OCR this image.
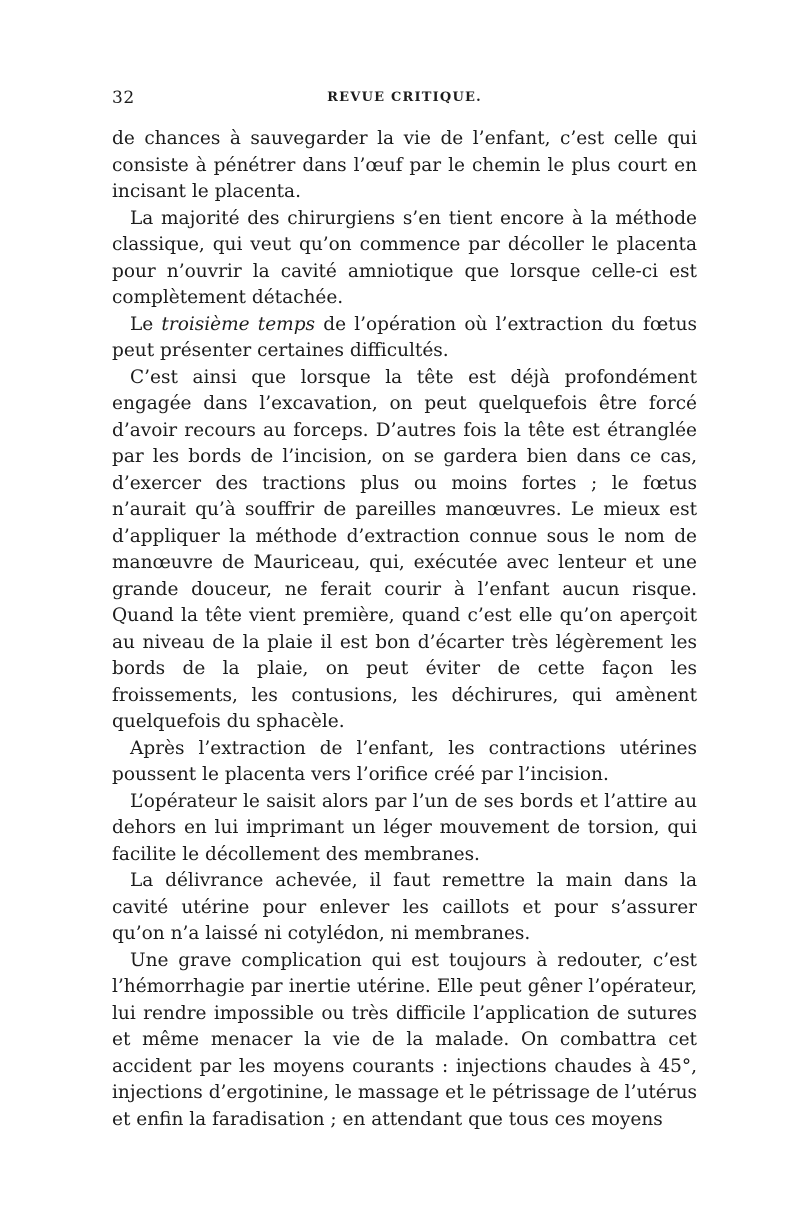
32	REVUE CRITIQUE.

de chances à sauvegarder la vie de l’enfant, c’est celle qui consiste à pénétrer dans l’œuf par le chemin le plus court en incisant le placenta.

La majorité des chirurgiens s’en tient encore à la méthode classique, qui veut qu’on commence par décoller le placenta pour n’ouvrir la cavité amniotique que lorsque celle-ci est complètement détachée.

Le troisième temps de l’opération où l’extraction du fœtus peut présenter certaines difficultés.

C’est ainsi que lorsque la tête est déjà profondément engagée dans l’excavation, on peut quelquefois être forcé d’avoir recours au forceps. D’autres fois la tête est étranglée par les bords de l’incision, on se gardera bien dans ce cas, d’exercer des tractions plus ou moins fortes ; le fœtus n’aurait qu’à souffrir de pareilles manœuvres. Le mieux est d’appliquer la méthode d’extraction connue sous le nom de manœuvre de Mauriceau, qui, exécutée avec lenteur et une grande douceur, ne ferait courir à l’enfant aucun risque. Quand la tête vient première, quand c’est elle qu’on aperçoit au niveau de la plaie il est bon d’écarter très légèrement les bords de la plaie, on peut éviter de cette façon les froissements, les contusions, les déchirures, qui amènent quelquefois du sphacèle.

Après l’extraction de l’enfant, les contractions utérines poussent le placenta vers l’orifice créé par l’incision.

L’opérateur le saisit alors par l’un de ses bords et l’attire au dehors en lui imprimant un léger mouvement de torsion, qui facilite le décollement des membranes.

La délivrance achevée, il faut remettre la main dans la cavité utérine pour enlever les caillots et pour s’assurer qu’on n’a laissé ni cotylédon, ni membranes.

Une grave complication qui est toujours à redouter, c’est l’hémorrhagie par inertie utérine. Elle peut gêner l’opérateur, lui rendre impossible ou très difficile l’application de sutures et même menacer la vie de la malade. On combattra cet accident par les moyens courants : injections chaudes à 45°, injections d’ergotinine, le massage et le pétrissage de l’utérus et enfin la faradisation ; en attendant que tous ces moyens
